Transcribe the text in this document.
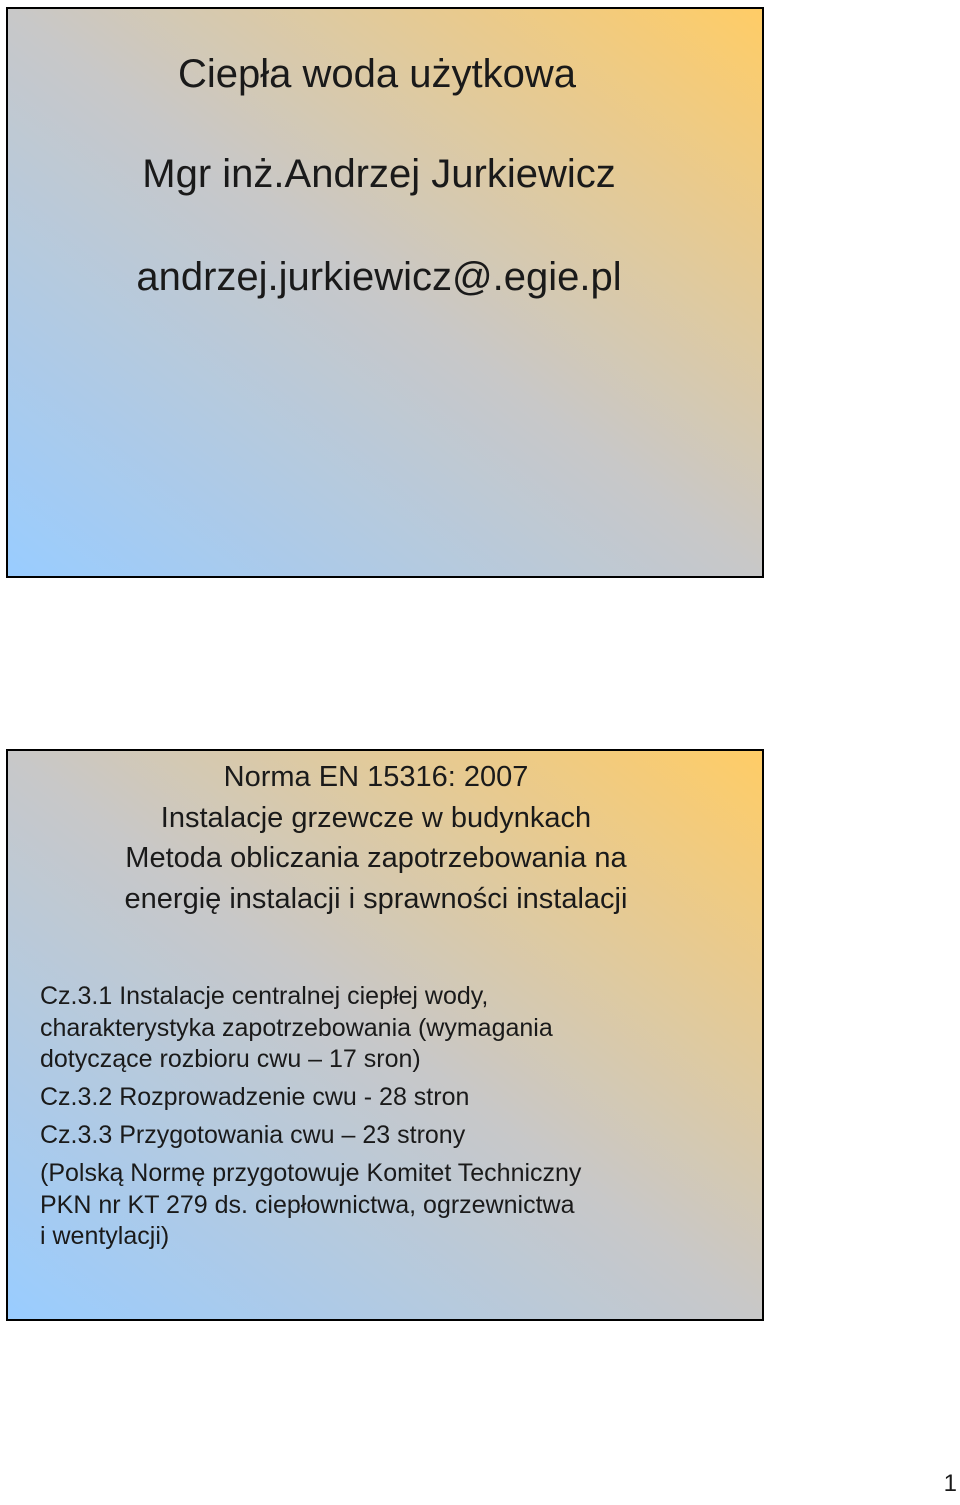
Ciepła woda użytkowa
Mgr inż.Andrzej Jurkiewicz
andrzej.jurkiewicz@.egie.pl
Norma EN 15316: 2007
Instalacje grzewcze w budynkach
Metoda obliczania zapotrzebowania na
energię instalacji i sprawności instalacji
Cz.3.1 Instalacje centralnej ciepłej wody,
charakterystyka zapotrzebowania (wymagania
dotyczące rozbioru cwu – 17 sron)
Cz.3.2 Rozprowadzenie cwu - 28 stron
Cz.3.3 Przygotowania cwu – 23 strony
(Polską Normę przygotowuje Komitet Techniczny
PKN nr KT 279 ds. ciepłownictwa, ogrzewnictwa
i wentylacji)
1
